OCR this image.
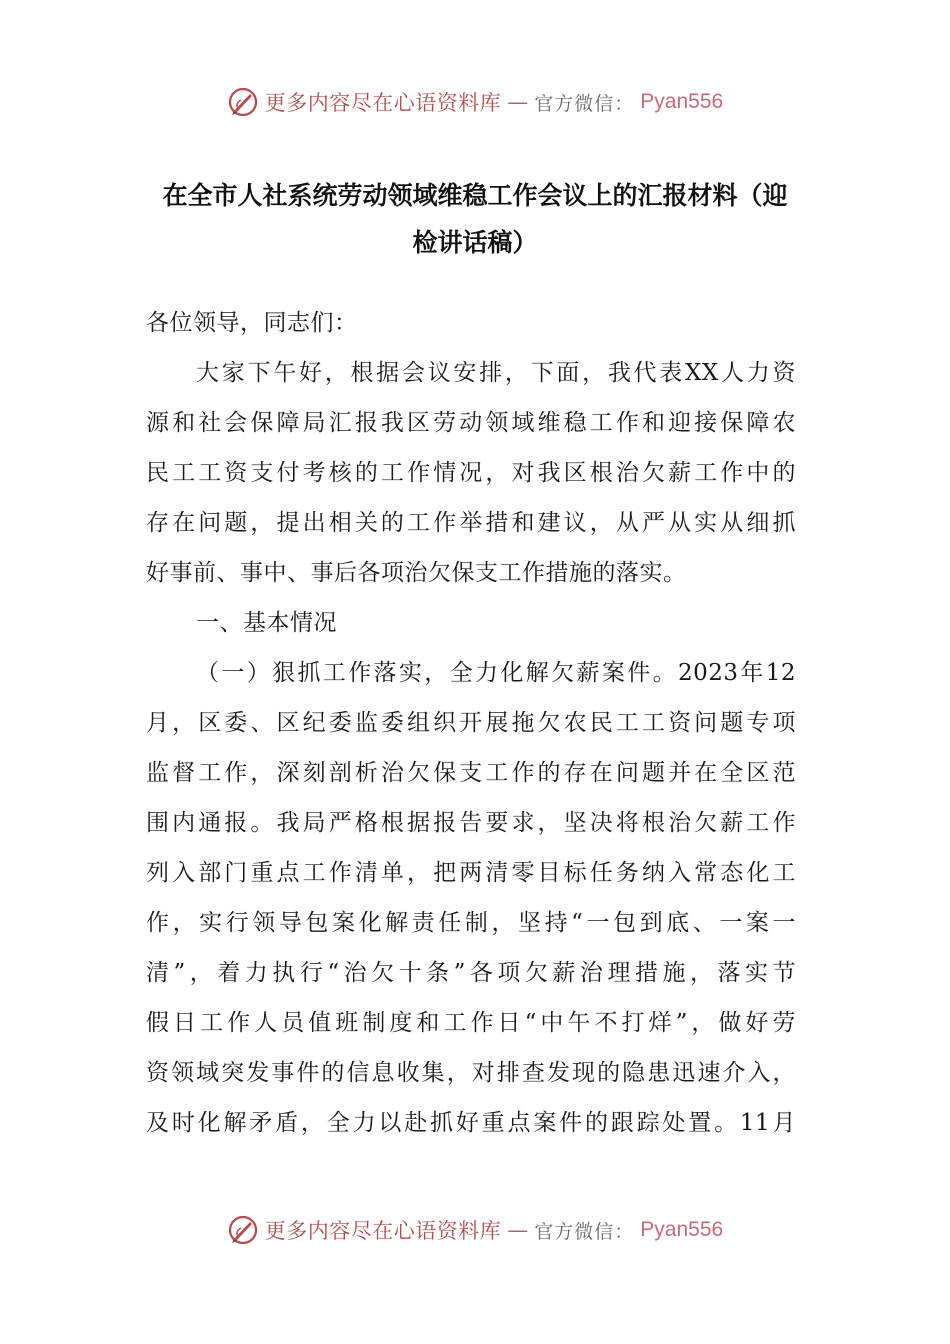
更多内容尽在心语资料库 — 官方微信： Pyan556
在全市人社系统劳动领域维稳工作会议上的汇报材料（迎
检讲话稿）
各位领导，同志们：
大家下午好，根据会议安排，下面，我代表XX人力资
源和社会保障局汇报我区劳动领域维稳工作和迎接保障农
民工工资支付考核的工作情况，对我区根治欠薪工作中的
存在问题，提出相关的工作举措和建议，从严从实从细抓
好事前、事中、事后各项治欠保支工作措施的落实。
一、基本情况
（一）狠抓工作落实，全力化解欠薪案件。2023年12
月，区委、区纪委监委组织开展拖欠农民工工资问题专项
监督工作，深刻剖析治欠保支工作的存在问题并在全区范
围内通报。我局严格根据报告要求，坚决将根治欠薪工作
列入部门重点工作清单，把两清零目标任务纳入常态化工
作，实行领导包案化解责任制，坚持“一包到底、一案一
清”，着力执行“治欠十条”各项欠薪治理措施，落实节
假日工作人员值班制度和工作日“中午不打烊”，做好劳
资领域突发事件的信息收集，对排查发现的隐患迅速介入，
及时化解矛盾，全力以赴抓好重点案件的跟踪处置。11月
更多内容尽在心语资料库 — 官方微信： Pyan556
